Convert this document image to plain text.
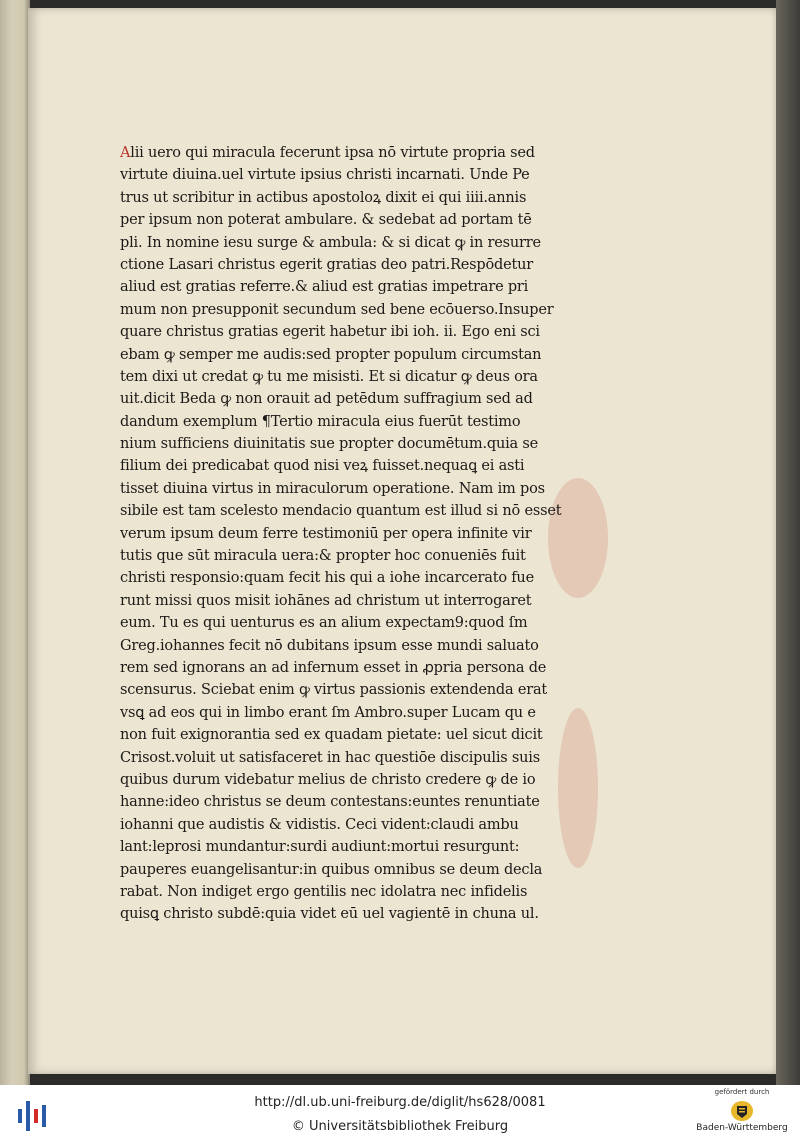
Alii uero qui miracula fecerunt ipsa nō virtute propria sed
virtute diuina.uel virtute ipsius christi incarnati. Unde Pe
trus ut scribitur in actibus apostoloꝝ dixit ei qui iiii.annis
per ipsum non poterat ambulare. & sedebat ad portam tē
pli. In nomine iesu surge & ambula: & si dicat ꝙ in resurre
ctione Lasari christus egerit gratias deo patri.Respōdetur
aliud est gratias referre.& aliud est gratias impetrare pri
mum non presupponit secundum sed bene ecōuerso.Insuper
quare christus gratias egerit habetur ibi ioh. ii. Ego eni sci
ebam ꝙ semper me audis:sed propter populum circumstan
tem dixi ut credat ꝙ tu me misisti. Et si dicatur ꝙ deus ora
uit.dicit Beda ꝙ non orauit ad petēdum suffragium sed ad
dandum exemplum ¶Tertio miracula eius fuerūt testimo
nium sufficiens diuinitatis sue propter documētum.quia se
filium dei predicabat quod nisi veꝝ fuisset.nequaꝗ ei asti
tisset diuina virtus in miraculorum operatione. Nam im pos
sibile est tam scelesto mendacio quantum est illud si nō esset
verum ipsum deum ferre testimoniū per opera infinite vir
tutis que sūt miracula uera:& propter hoc conueniēs fuit
christi responsio:quam fecit his qui a iohe incarcerato fue
runt missi quos misit iohānes ad christum ut interrogaret
eum. Tu es qui uenturus es an alium expectam9:quod ſm
Greg.iohannes fecit nō dubitans ipsum esse mundi saluato
rem sed ignorans an ad infernum esset in ꝓpria persona de
scensurus. Sciebat enim ꝙ virtus passionis extendenda erat
vsꝗ ad eos qui in limbo erant ſm Ambro.super Lucam qu e
non fuit exignorantia sed ex quadam pietate: uel sicut dicit
Crisost.voluit ut satisfaceret in hac questiōe discipulis suis
quibus durum videbatur melius de christo credere ꝙ de io
hanne:ideo christus se deum contestans:euntes renuntiate
iohanni que audistis & vidistis. Ceci vident:claudi ambu
lant:leprosi mundantur:surdi audiunt:mortui resurgunt:
pauperes euangelisantur:in quibus omnibus se deum decla
rabat. Non indiget ergo gentilis nec idolatra nec infidelis
quisꝗ christo subdē:quia videt eū uel vagientē in chuna ul.
http://dl.ub.uni-freiburg.de/diglit/hs628/0081
© Universitätsbibliothek Freiburg
gefördert durch
Baden-Württemberg
